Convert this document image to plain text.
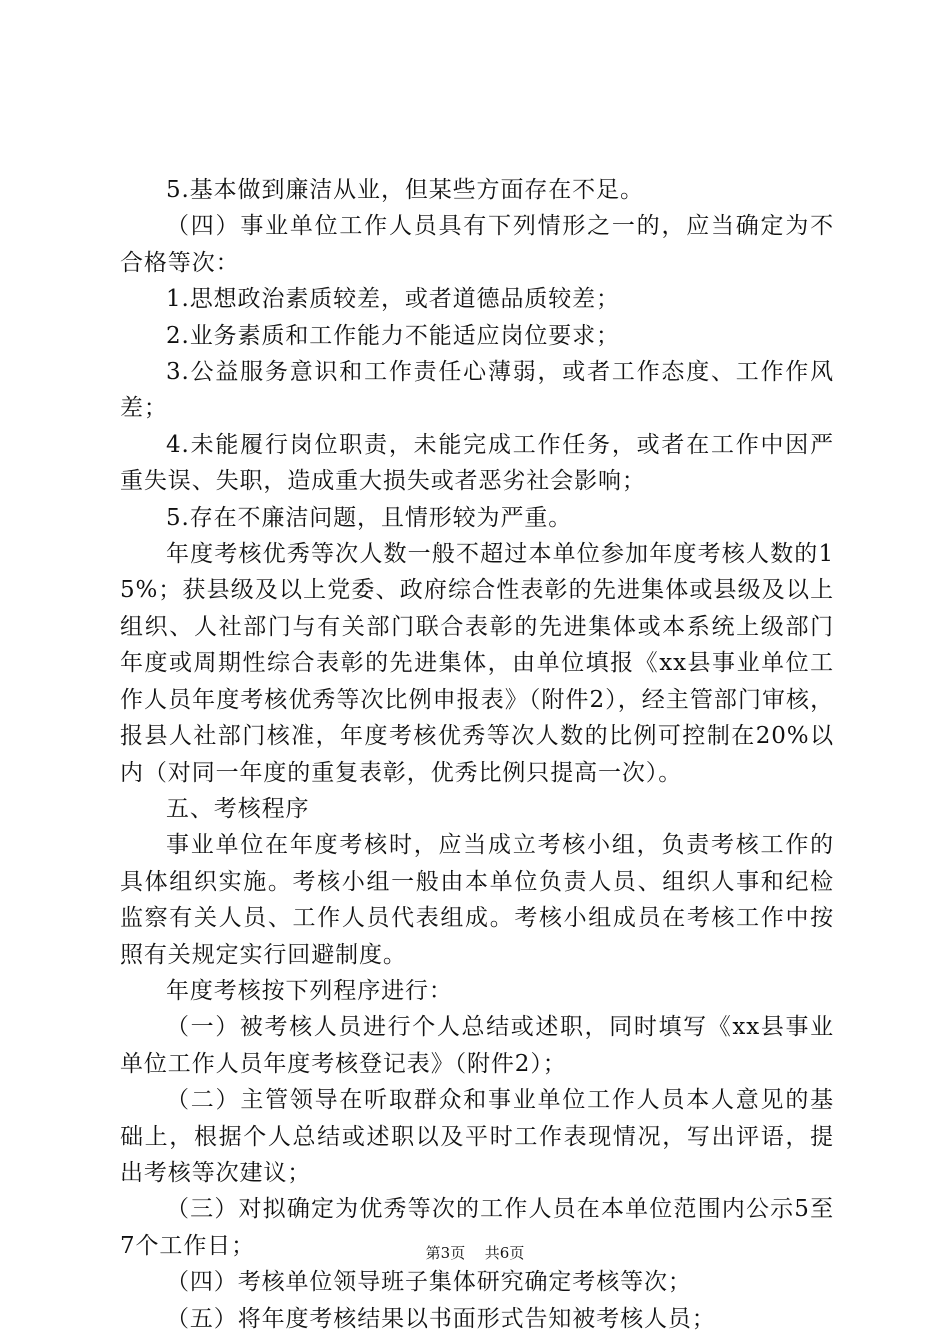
5.基本做到廉洁从业，但某些方面存在不足。

（四）事业单位工作人员具有下列情形之一的，应当确定为不合格等次：

1.思想政治素质较差，或者道德品质较差；

2.业务素质和工作能力不能适应岗位要求；

3.公益服务意识和工作责任心薄弱，或者工作态度、工作作风差；

4.未能履行岗位职责，未能完成工作任务，或者在工作中因严重失误、失职，造成重大损失或者恶劣社会影响；

5.存在不廉洁问题，且情形较为严重。

年度考核优秀等次人数一般不超过本单位参加年度考核人数的15%；获县级及以上党委、政府综合性表彰的先进集体或县级及以上组织、人社部门与有关部门联合表彰的先进集体或本系统上级部门年度或周期性综合表彰的先进集体，由单位填报《xx县事业单位工作人员年度考核优秀等次比例申报表》（附件2），经主管部门审核，报县人社部门核准，年度考核优秀等次人数的比例可控制在20%以内（对同一年度的重复表彰，优秀比例只提高一次）。

五、考核程序

事业单位在年度考核时，应当成立考核小组，负责考核工作的具体组织实施。考核小组一般由本单位负责人员、组织人事和纪检监察有关人员、工作人员代表组成。考核小组成员在考核工作中按照有关规定实行回避制度。

年度考核按下列程序进行：

（一）被考核人员进行个人总结或述职，同时填写《xx县事业单位工作人员年度考核登记表》（附件2）；

（二）主管领导在听取群众和事业单位工作人员本人意见的基础上，根据个人总结或述职以及平时工作表现情况，写出评语，提出考核等次建议；

（三）对拟确定为优秀等次的工作人员在本单位范围内公示5至7个工作日；

（四）考核单位领导班子集体研究确定考核等次；

（五）将年度考核结果以书面形式告知被考核人员；

第3页 共6页
